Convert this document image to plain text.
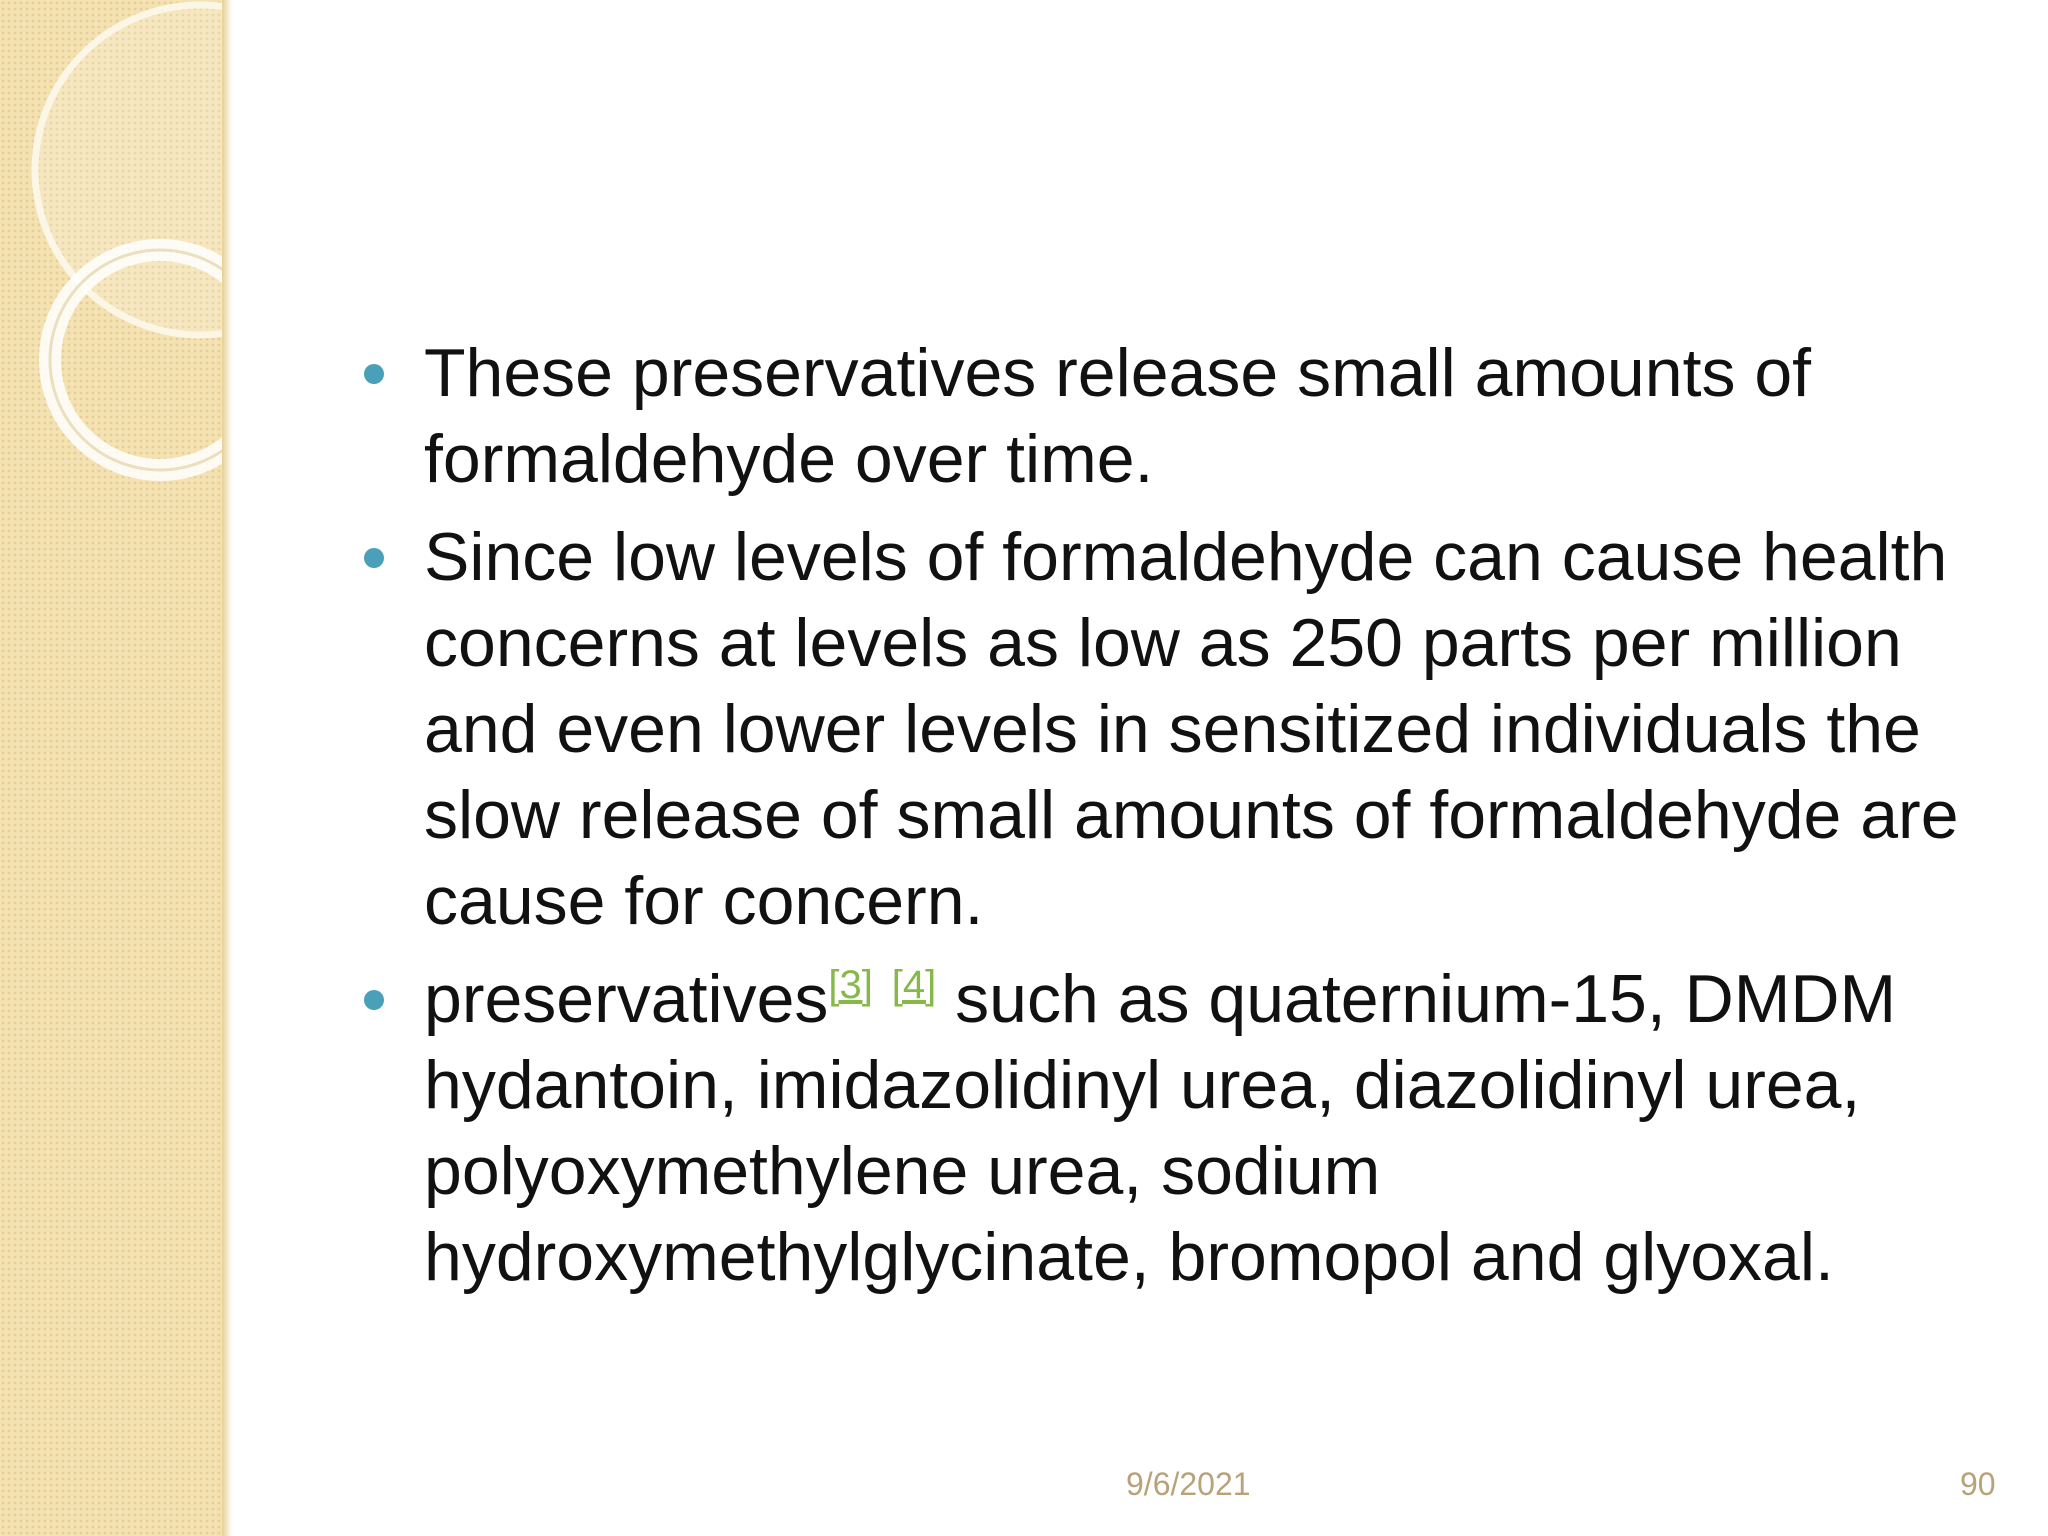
These preservatives release small amounts of formaldehyde over time.
Since low levels of formaldehyde can cause health concerns at levels as low as 250 parts per million and even lower levels in sensitized individuals the slow release of small amounts of formaldehyde are cause for concern.
preservatives[3] [4] such as quaternium-15, DMDM hydantoin, imidazolidinyl urea, diazolidinyl urea, polyoxymethylene urea, sodium hydroxymethylglycinate, bromopol and glyoxal.
9/6/2021	90
